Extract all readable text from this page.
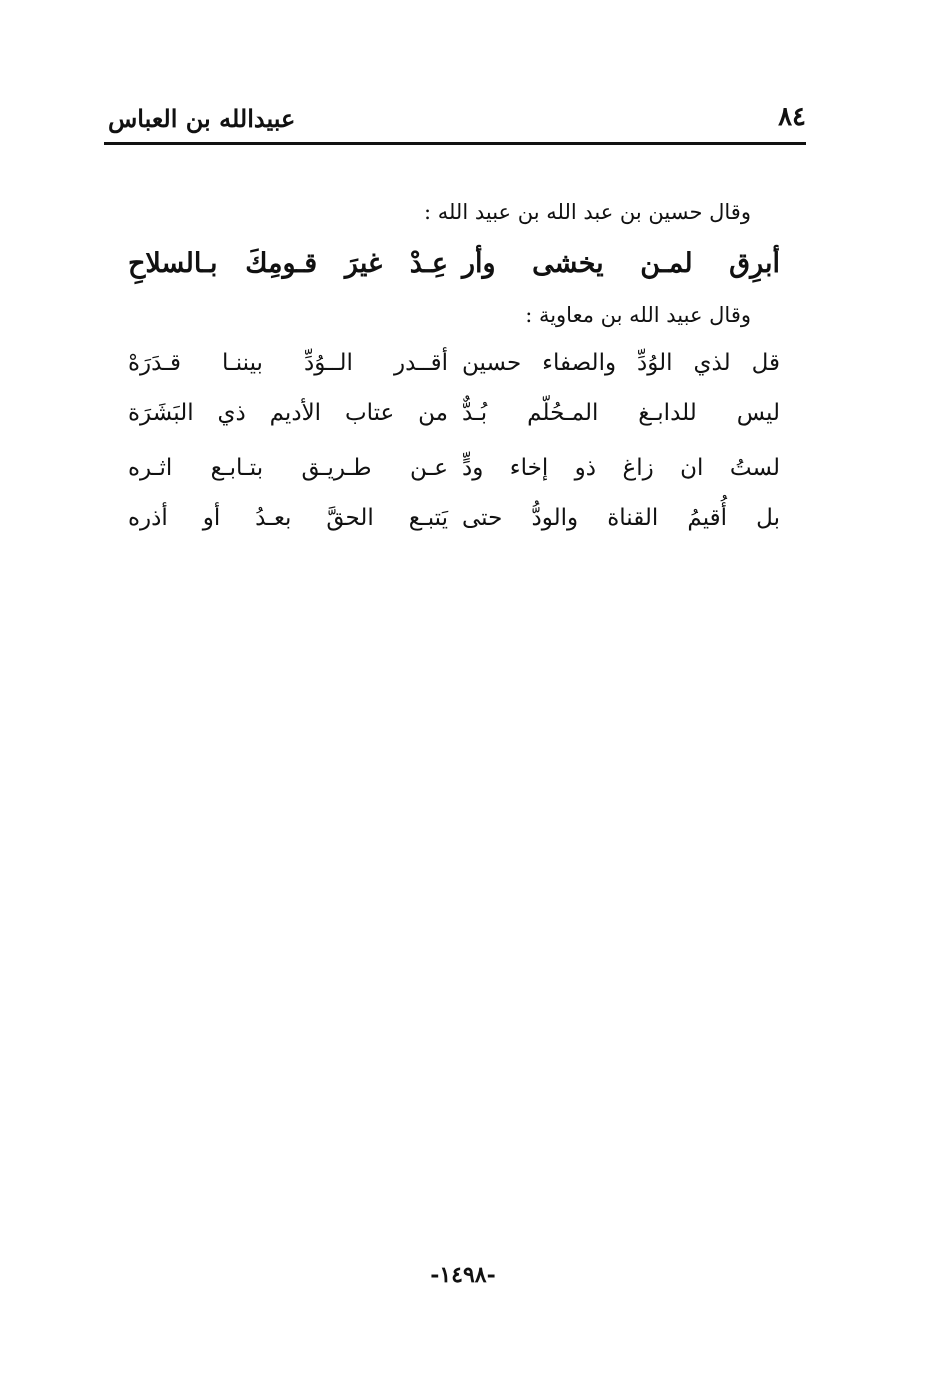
٨٤
عبيدالله بن العباس
وقال حسين بن عبد الله بن عبيد الله :
أبرِق لمـن يخشى وأر
عِـدْ غيرَ قـومِكَ بـالسلاحِ
وقال عبيد الله بن معاوية :
قل لذي الوُدِّ والصفاء حسين
أقــدر الــوُدِّ بيننـا قـدَرَهْ
ليس للدابـغ المـحُلّم بُـدٌّ
من عتاب الأديم ذي البَشَرَة
لستُ ان زاغ ذو إخاء ودٍّ
عـن طـريـق بتـابـع اثـره
بل أُقيمُ القناة والودُّ حتى
يَتبـع الحقَّ بعـدُ أو أذره
-١٤٩٨-
